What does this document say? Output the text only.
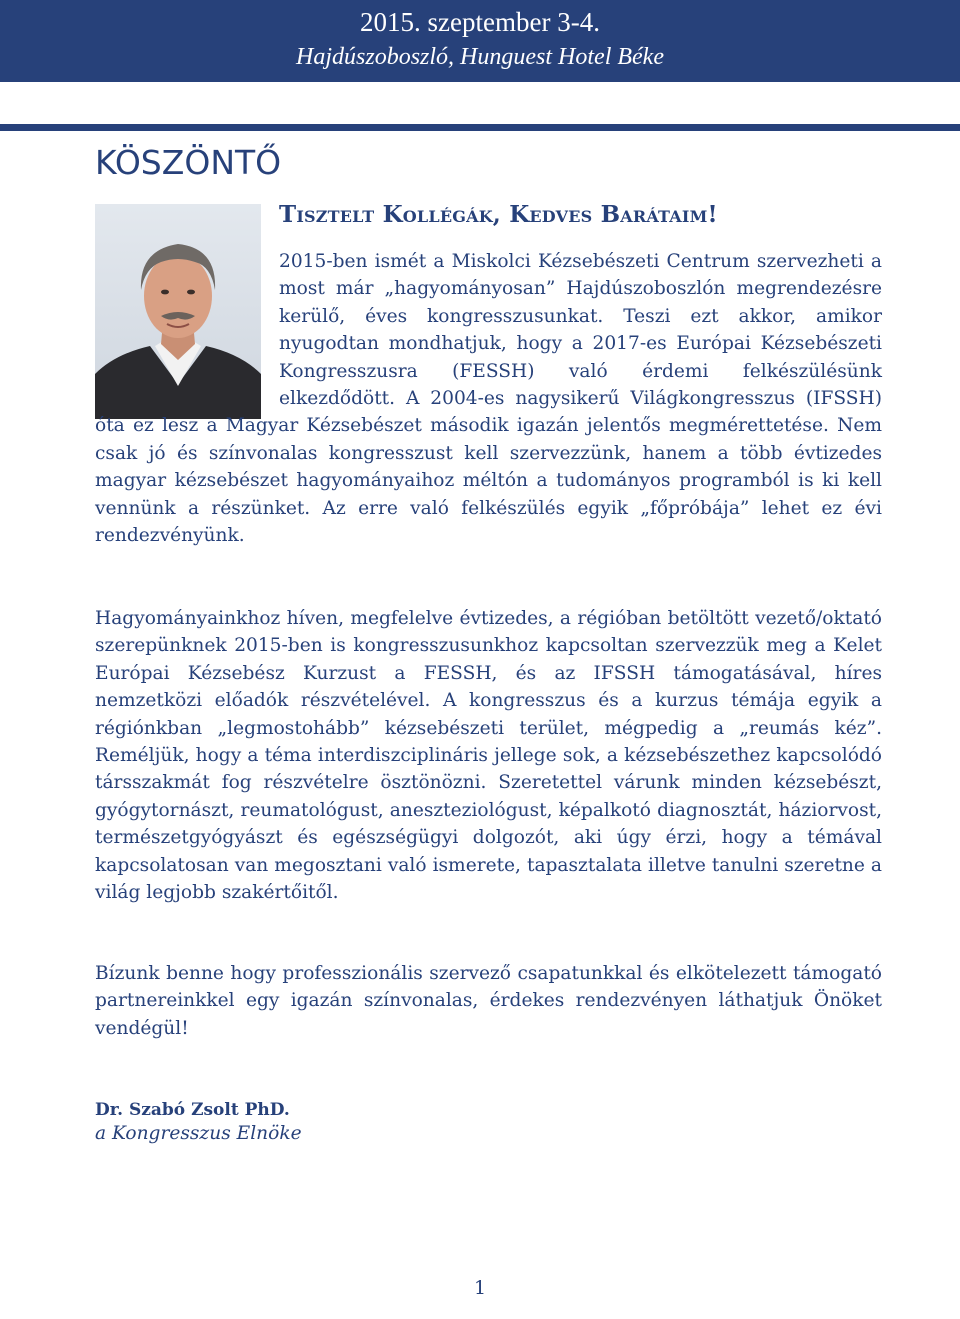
2015. szeptember 3-4.
Hajdúszoboszló, Hunguest Hotel Béke
KÖSZÖNTŐ
Tisztelt Kollégák, Kedves Barátaim!

2015-ben ismét a Miskolci Kézsebészeti Centrum szervezheti a most már „hagyományosan” Hajdúszoboszlón megrendezésre kerülő, éves kongresszusunkat. Teszi ezt akkor, amikor nyugodtan mondhatjuk, hogy a 2017-es Európai Kézsebészeti Kongresszusra (FESSH) való érdemi felkészülésünk elkezdődött. A 2004-es nagysikerű Világkongresszus (IFSSH) óta ez lesz a Magyar Kézsebészet második igazán jelentős megmérettetése. Nem csak jó és színvonalas kongresszust kell szervezzünk, hanem a több évtizedes magyar kézsebészet hagyományaihoz méltón a tudományos programból is ki kell vennünk a részünket. Az erre való felkészülés egyik „főpróbája” lehet ez évi rendezvényünk.

Hagyományainkhoz híven, megfelelve évtizedes, a régióban betöltött vezető/oktató szerepünknek 2015-ben is kongresszusunkhoz kapcsoltan szervezzük meg a Kelet Európai Kézsebész Kurzust a FESSH, és az IFSSH támogatásával, híres nemzetközi előadók részvételével. A kongresszus és a kurzus témája egyik a régiónkban „legmostohább” kézsebészeti terület, mégpedig a „reumás kéz”. Reméljük, hogy a téma interdiszciplináris jellege sok, a kézsebészethez kapcsolódó társszakmát fog részvételre ösztönözni. Szeretettel várunk minden kézsebészt, gyógytornászt, reumatológust, aneszteziológust, képalkotó diagnosztát, háziorvost, természetgyógyászt és egészségügyi dolgozót, aki úgy érzi, hogy a témával kapcsolatosan van megosztani való ismerete, tapasztalata illetve tanulni szeretne a világ legjobb szakértőitől.

Bízunk benne hogy professzionális szervező csapatunkkal és elkötelezett támogató partnereinkkel egy igazán színvonalas, érdekes rendezvényen láthatjuk Önöket vendégül!

Dr. Szabó Zsolt PhD.
a Kongresszus Elnöke
1
